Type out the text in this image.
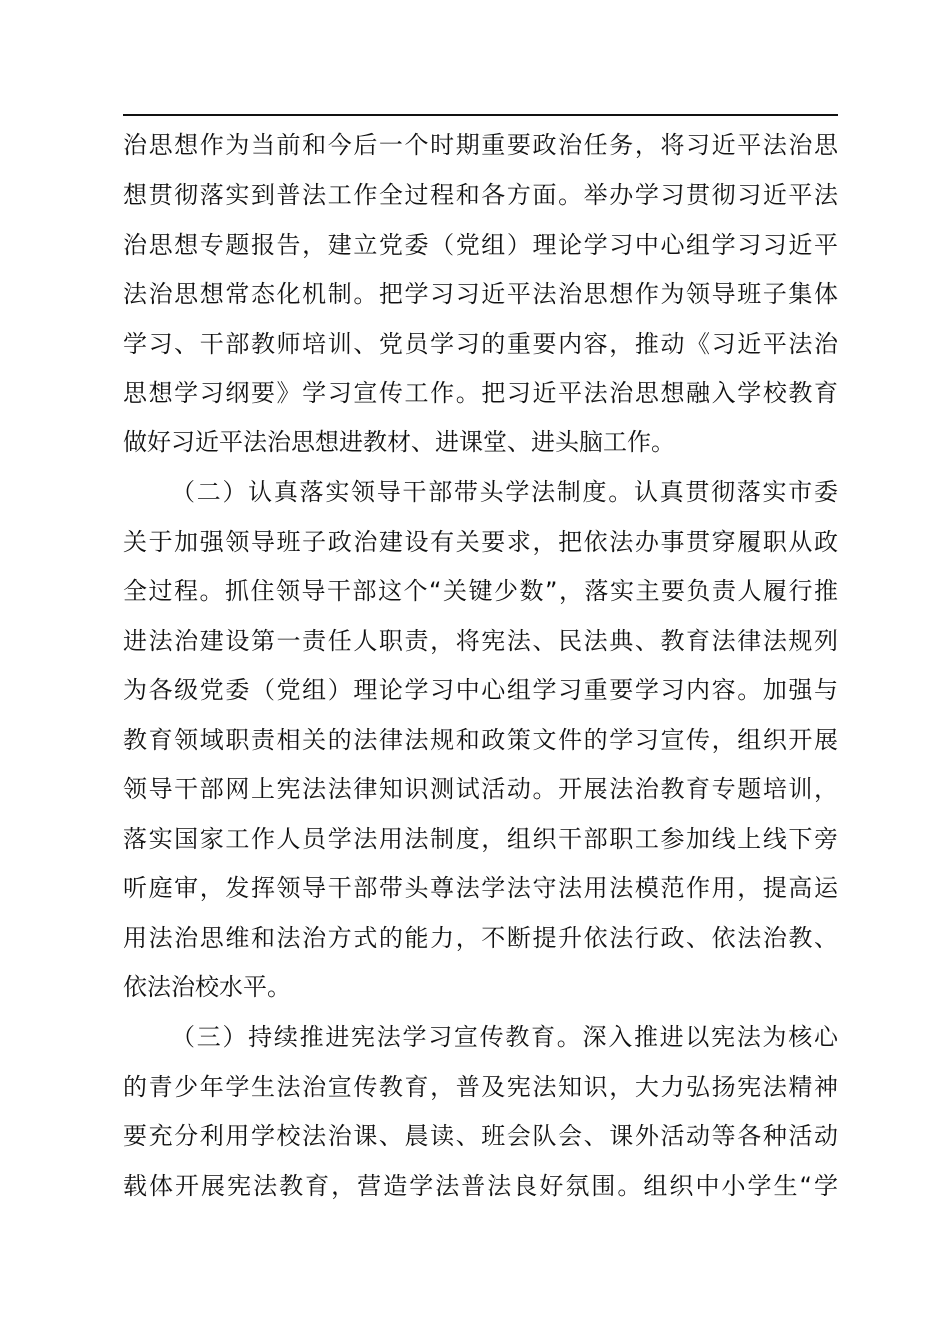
治思想作为当前和今后一个时期重要政治任务，将习近平法治思
想贯彻落实到普法工作全过程和各方面。举办学习贯彻习近平法
治思想专题报告，建立党委（党组）理论学习中心组学习习近平
法治思想常态化机制。把学习习近平法治思想作为领导班子集体
学习、干部教师培训、党员学习的重要内容，推动《习近平法治
思想学习纲要》学习宣传工作。把习近平法治思想融入学校教育
做好习近平法治思想进教材、进课堂、进头脑工作。
（二）认真落实领导干部带头学法制度。认真贯彻落实市委
关于加强领导班子政治建设有关要求，把依法办事贯穿履职从政
全过程。抓住领导干部这个“关键少数”，落实主要负责人履行推
进法治建设第一责任人职责，将宪法、民法典、教育法律法规列
为各级党委（党组）理论学习中心组学习重要学习内容。加强与
教育领域职责相关的法律法规和政策文件的学习宣传，组织开展
领导干部网上宪法法律知识测试活动。开展法治教育专题培训，
落实国家工作人员学法用法制度，组织干部职工参加线上线下旁
听庭审，发挥领导干部带头尊法学法守法用法模范作用，提高运
用法治思维和法治方式的能力，不断提升依法行政、依法治教、
依法治校水平。
（三）持续推进宪法学习宣传教育。深入推进以宪法为核心
的青少年学生法治宣传教育，普及宪法知识，大力弘扬宪法精神
要充分利用学校法治课、晨读、班会队会、课外活动等各种活动
载体开展宪法教育，营造学法普法良好氛围。组织中小学生“学
